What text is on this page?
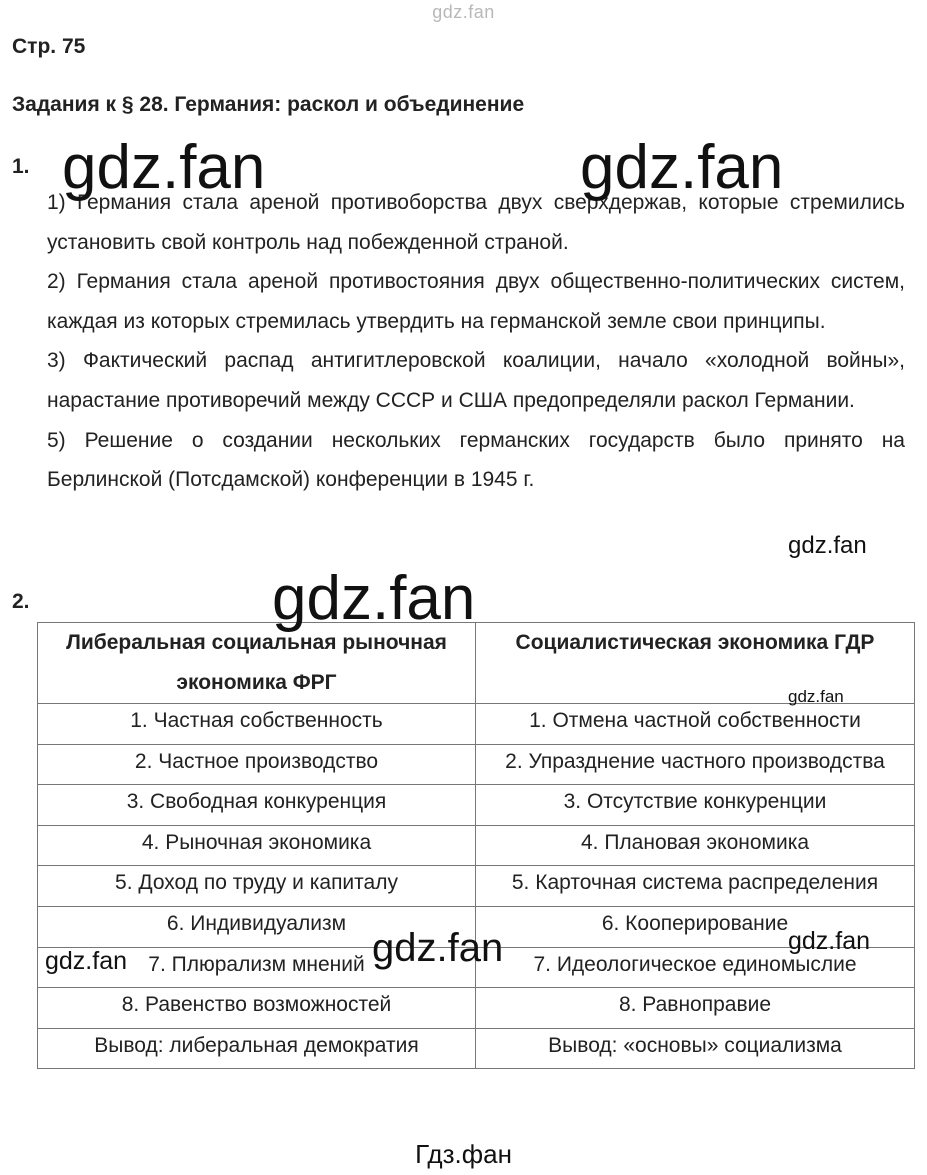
gdz.fan
Стр. 75
Задания к § 28. Германия: раскол и объединение
1.

1) Германия стала ареной противоборства двух сверхдержав, которые стремились установить свой контроль над побежденной страной.

2) Германия стала ареной противостояния двух общественно-политических систем, каждая из которых стремилась утвердить на германской земле свои принципы.

3) Фактический распад антигитлеровской коалиции, начало «холодной войны», нарастание противоречий между СССР и США предопределяли раскол Германии.

5) Решение о создании нескольких германских государств было принято на Берлинской (Потсдамской) конференции в 1945 г.

2.
Либеральная социальная рыночная экономика ФРГ	Социалистическая экономика ГДР
1. Частная собственность	1. Отмена частной собственности
2. Частное производство	2. Упразднение частного производства
3. Свободная конкуренция	3. Отсутствие конкуренции
4. Рыночная экономика	4. Плановая экономика
5. Доход по труду и капиталу	5. Карточная система распределения
6. Индивидуализм	6. Кооперирование
7. Плюрализм мнений	7. Идеологическое единомыслие
8. Равенство возможностей	8. Равноправие
Вывод: либеральная демократия	Вывод: «основы» социализма
gdz.fan	gdz.fan
gdz.fan
gdz.fan
gdz.fan
gdz.fan
gdz.fan
gdz.fan
Гдз.фан
